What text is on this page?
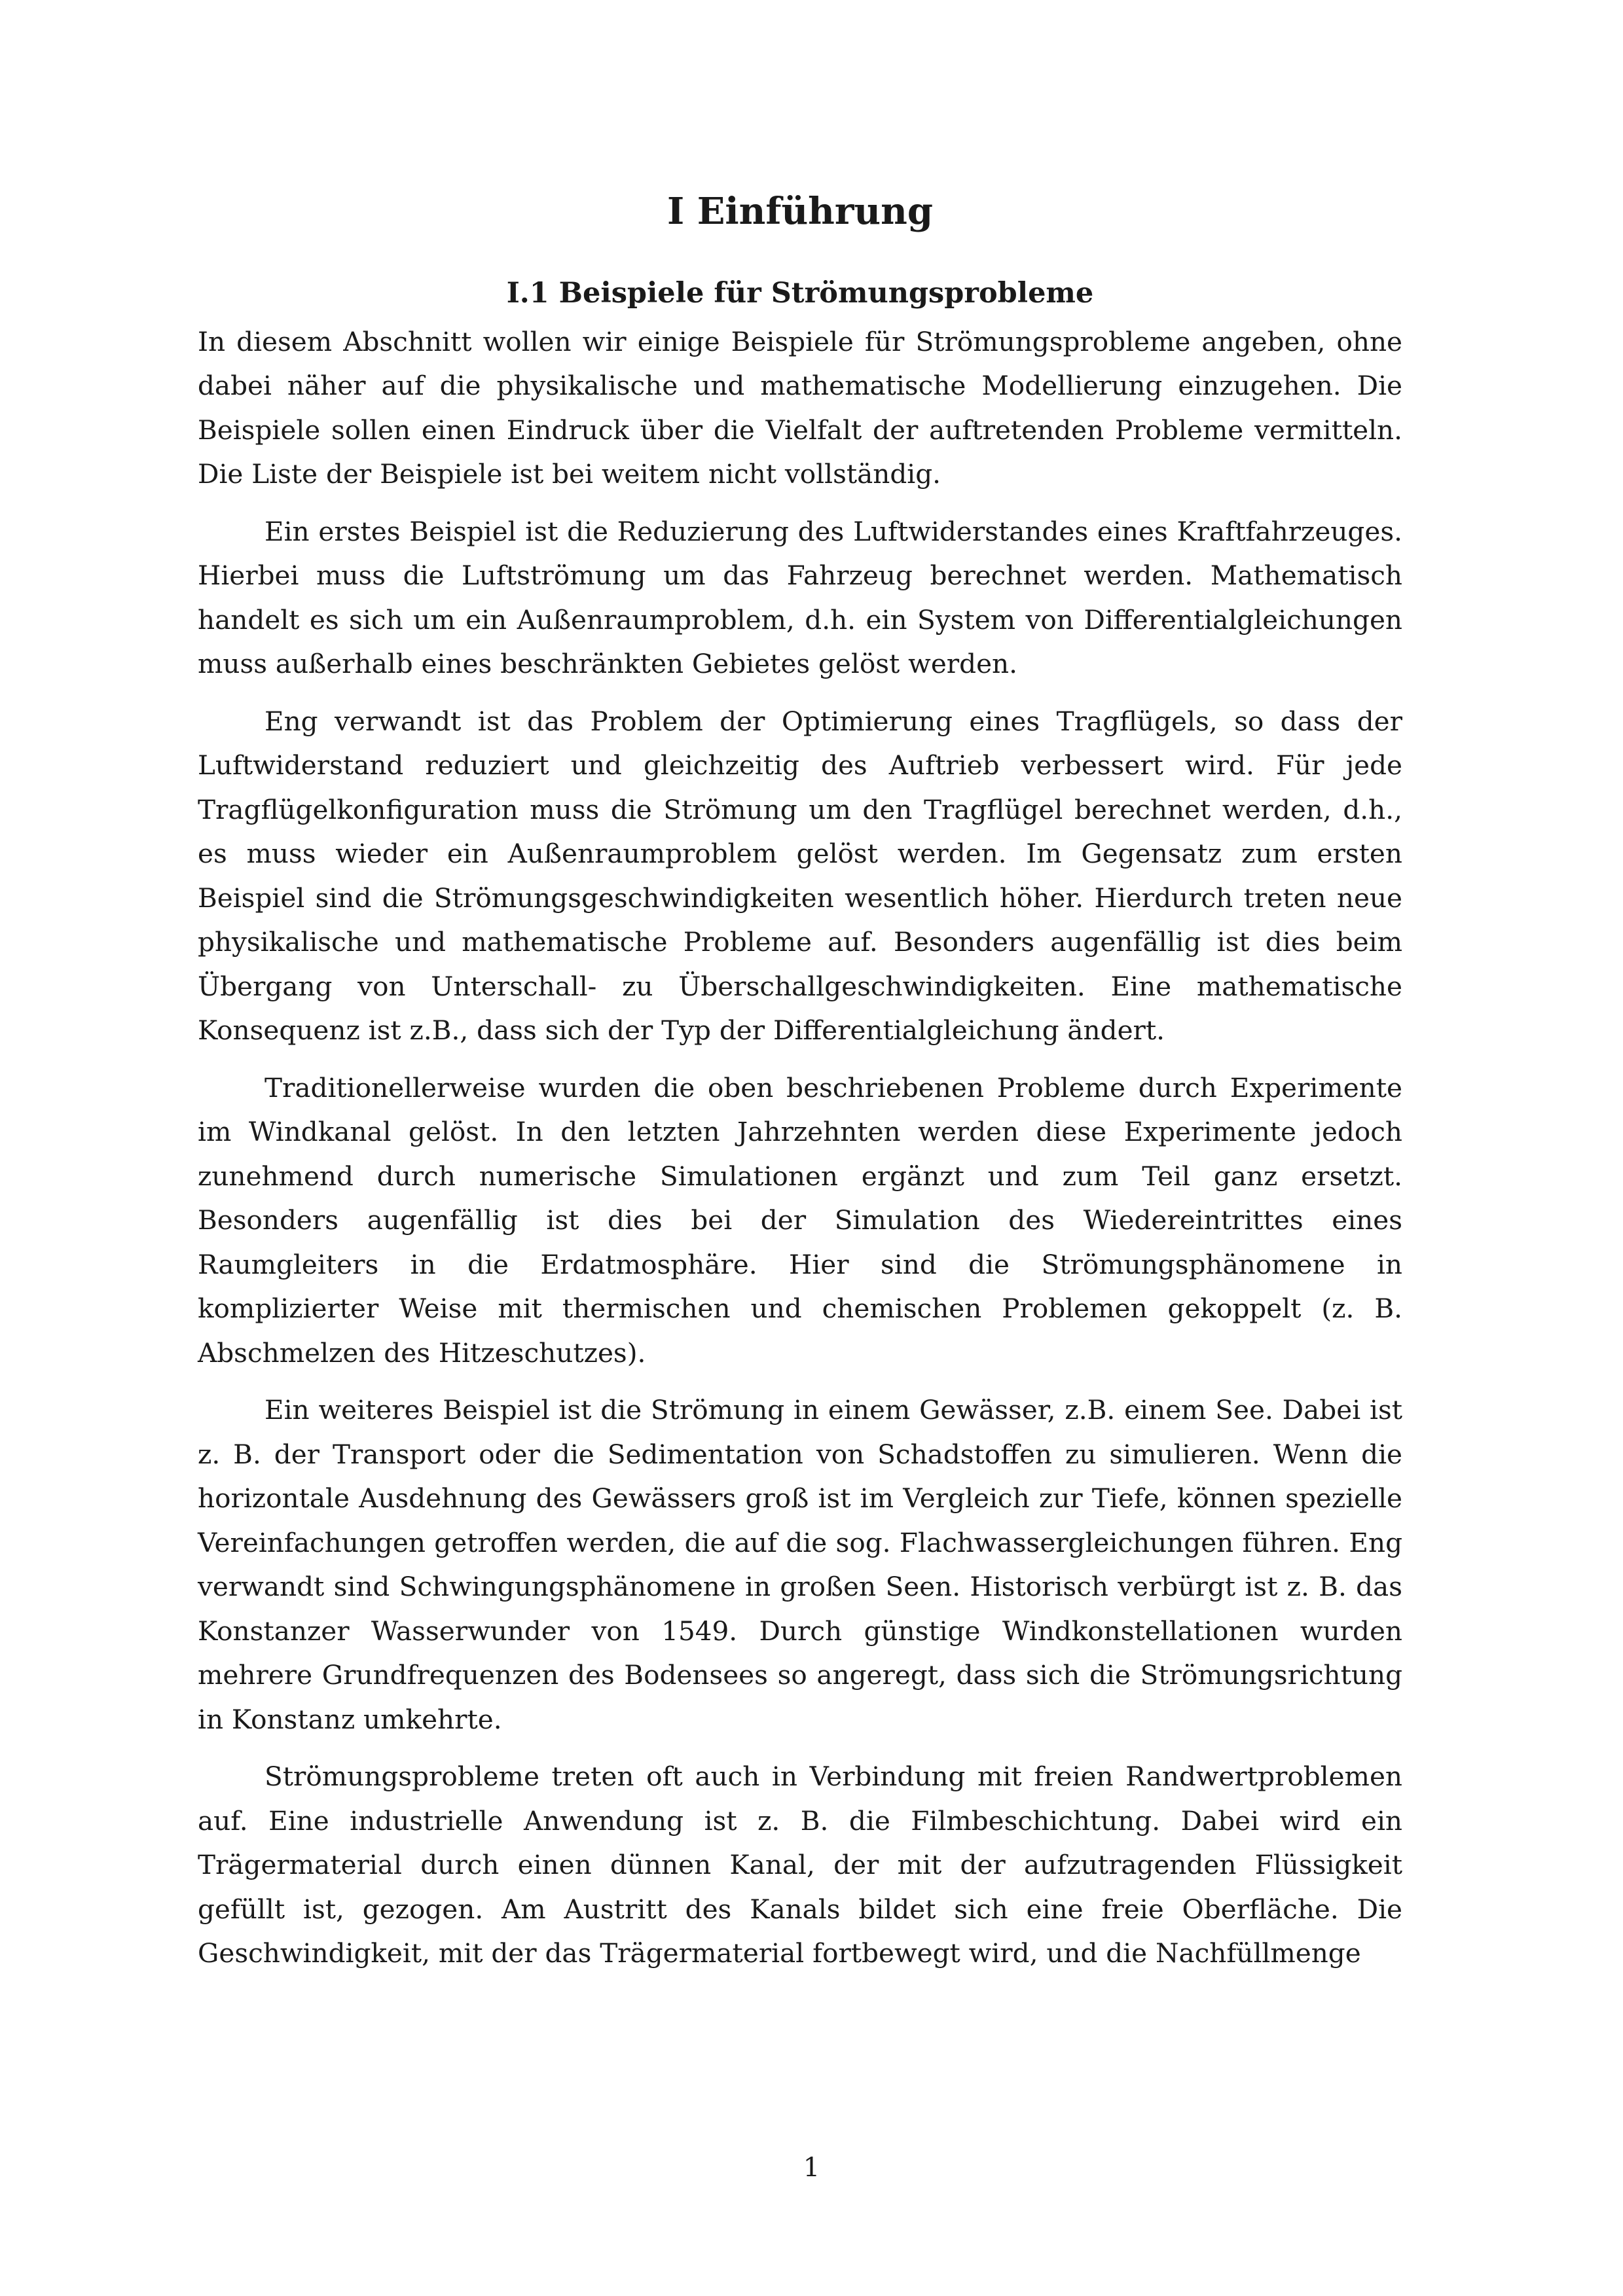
I Einführung
I.1 Beispiele für Strömungsprobleme

In diesem Abschnitt wollen wir einige Beispiele für Strömungsprobleme angeben, ohne dabei näher auf die physikalische und mathematische Modellierung einzugehen. Die Beispiele sollen einen Eindruck über die Vielfalt der auftretenden Probleme vermitteln. Die Liste der Beispiele ist bei weitem nicht vollständig.

Ein erstes Beispiel ist die Reduzierung des Luftwiderstandes eines Kraftfahrzeuges. Hierbei muss die Luftströmung um das Fahrzeug berechnet werden. Mathematisch handelt es sich um ein Außenraumproblem, d.h. ein System von Differentialgleichungen muss außerhalb eines beschränkten Gebietes gelöst werden.

Eng verwandt ist das Problem der Optimierung eines Tragflügels, so dass der Luftwiderstand reduziert und gleichzeitig des Auftrieb verbessert wird. Für jede Tragflügelkonfiguration muss die Strömung um den Tragflügel berechnet werden, d.h., es muss wieder ein Außenraumproblem gelöst werden. Im Gegensatz zum ersten Beispiel sind die Strömungsgeschwindigkeiten wesentlich höher. Hierdurch treten neue physikalische und mathematische Probleme auf. Besonders augenfällig ist dies beim Übergang von Unterschall- zu Überschallgeschwindigkeiten. Eine mathematische Konsequenz ist z.B., dass sich der Typ der Differentialgleichung ändert.

Traditionellerweise wurden die oben beschriebenen Probleme durch Experimente im Windkanal gelöst. In den letzten Jahrzehnten werden diese Experimente jedoch zunehmend durch numerische Simulationen ergänzt und zum Teil ganz ersetzt. Besonders augenfällig ist dies bei der Simulation des Wiedereintrittes eines Raumgleiters in die Erdatmosphäre. Hier sind die Strömungsphänomene in komplizierter Weise mit thermischen und chemischen Problemen gekoppelt (z. B. Abschmelzen des Hitzeschutzes).

Ein weiteres Beispiel ist die Strömung in einem Gewässer, z.B. einem See. Dabei ist z. B. der Transport oder die Sedimentation von Schadstoffen zu simulieren. Wenn die horizontale Ausdehnung des Gewässers groß ist im Vergleich zur Tiefe, können spezielle Vereinfachungen getroffen werden, die auf die sog. Flachwassergleichungen führen. Eng verwandt sind Schwingungsphänomene in großen Seen. Historisch verbürgt ist z. B. das Konstanzer Wasserwunder von 1549. Durch günstige Windkonstellationen wurden mehrere Grundfrequenzen des Bodensees so angeregt, dass sich die Strömungsrichtung in Konstanz umkehrte.

Strömungsprobleme treten oft auch in Verbindung mit freien Randwertproblemen auf. Eine industrielle Anwendung ist z. B. die Filmbeschichtung. Dabei wird ein Trägermaterial durch einen dünnen Kanal, der mit der aufzutragenden Flüssigkeit gefüllt ist, gezogen. Am Austritt des Kanals bildet sich eine freie Oberfläche. Die Geschwindigkeit, mit der das Trägermaterial fortbewegt wird, und die Nachfüllmenge

1
